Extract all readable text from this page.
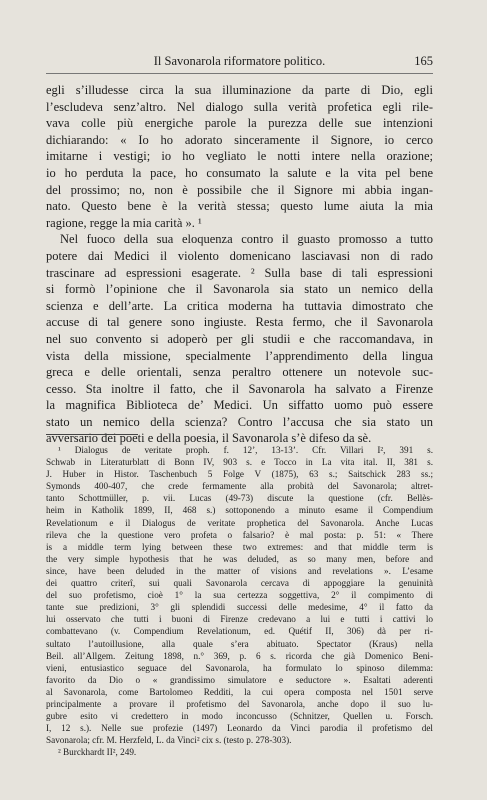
Il Savonarola riformatore politico.	165
egli s’illudesse circa la sua illuminazione da parte di Dio, egli
l’escludeva senz’altro. Nel dialogo sulla verità profetica egli rile-
vava colle più energiche parole la purezza delle sue intenzioni
dichiarando: « Io ho adorato sinceramente il Signore, io cerco
imitarne i vestigi; io ho vegliato le notti intere nella orazione;
io ho perduta la pace, ho consumato la salute e la vita pel bene
del prossimo; no, non è possibile che il Signore mi abbia ingan-
nato. Questo bene è la verità stessa; questo lume aiuta la mia
ragione, regge la mia carità ». ¹
Nel fuoco della sua eloquenza contro il guasto promosso a tutto
potere dai Medici il violento domenicano lasciavasi non di rado
trascinare ad espressioni esagerate. ² Sulla base di tali espressioni
si formò l’opinione che il Savonarola sia stato un nemico della
scienza e dell’arte. La critica moderna ha tuttavia dimostrato che
accuse di tal genere sono ingiuste. Resta fermo, che il Savonarola
nel suo convento si adoperò per gli studii e che raccomandava, in
vista della missione, specialmente l’apprendimento della lingua
greca e delle orientali, senza peraltro ottenere un notevole suc-
cesso. Sta inoltre il fatto, che il Savonarola ha salvato a Firenze
la magnifica Biblioteca de’ Medici. Un siffatto uomo può essere
stato un nemico della scienza? Contro l’accusa che sia stato un
avversario dei poeti e della poesia, il Savonarola s’è difeso da sè.
¹ Dialogus de veritate proph. f. 12’, 13-13’. Cfr. Villari I², 391 s.
Schwab in Literaturblatt di Bonn IV, 903 s. e Tocco in La vita ital. II, 381 s.
J. Huber in Histor. Taschenbuch 5 Folge V (1875), 63 s.; Saitschick 283 ss.;
Symonds 400-407, che crede fermamente alla probità del Savonarola; altret-
tanto Schottmüller, p. vii. Lucas (49-73) discute la questione (cfr. Bellès-
heim in Katholik 1899, II, 468 s.) sottoponendo a minuto esame il Compendium
Revelationum e il Dialogus de veritate prophetica del Savonarola. Anche Lucas
rileva che la questione vero profeta o falsario? è mal posta: p. 51: « There
is a middle term lying between these two extremes: and that middle term is
the very simple hypothesis that he was deluded, as so many men, before and
since, have been deluded in the matter of visions and revelations ». L’esame
dei quattro criterî, sui quali Savonarola cercava di appoggiare la genuinità
del suo profetismo, cioè 1° la sua certezza soggettiva, 2° il compimento di
tante sue predizioni, 3° gli splendidi successi delle medesime, 4° il fatto da
lui osservato che tutti i buoni di Firenze credevano a lui e tutti i cattivi lo
combattevano (v. Compendium Revelationum, ed. Quétif II, 306) dà per ri-
sultato l’autoillusione, alla quale s’era abituato. Spectator (Kraus) nella
Beil. all’Allgem. Zeitung 1898, n.° 369, p. 6 s. ricorda che già Domenico Beni-
vieni, entusiastico seguace del Savonarola, ha formulato lo spinoso dilemma:
favorito da Dio o « grandissimo simulatore e seductore ». Esaltati aderenti
al Savonarola, come Bartolomeo Redditi, la cui opera composta nel 1501 serve
principalmente a provare il profetismo del Savonarola, anche dopo il suo lu-
gubre esito vi credettero in modo inconcusso (Schnitzer, Quellen u. Forsch.
I, 12 s.). Nelle sue profezie (1497) Leonardo da Vinci parodia il profetismo del
Savonarola; cfr. M. Herzfeld, L. da Vinci² cix s. (testo p. 278-303).
² Burckhardt II², 249.
